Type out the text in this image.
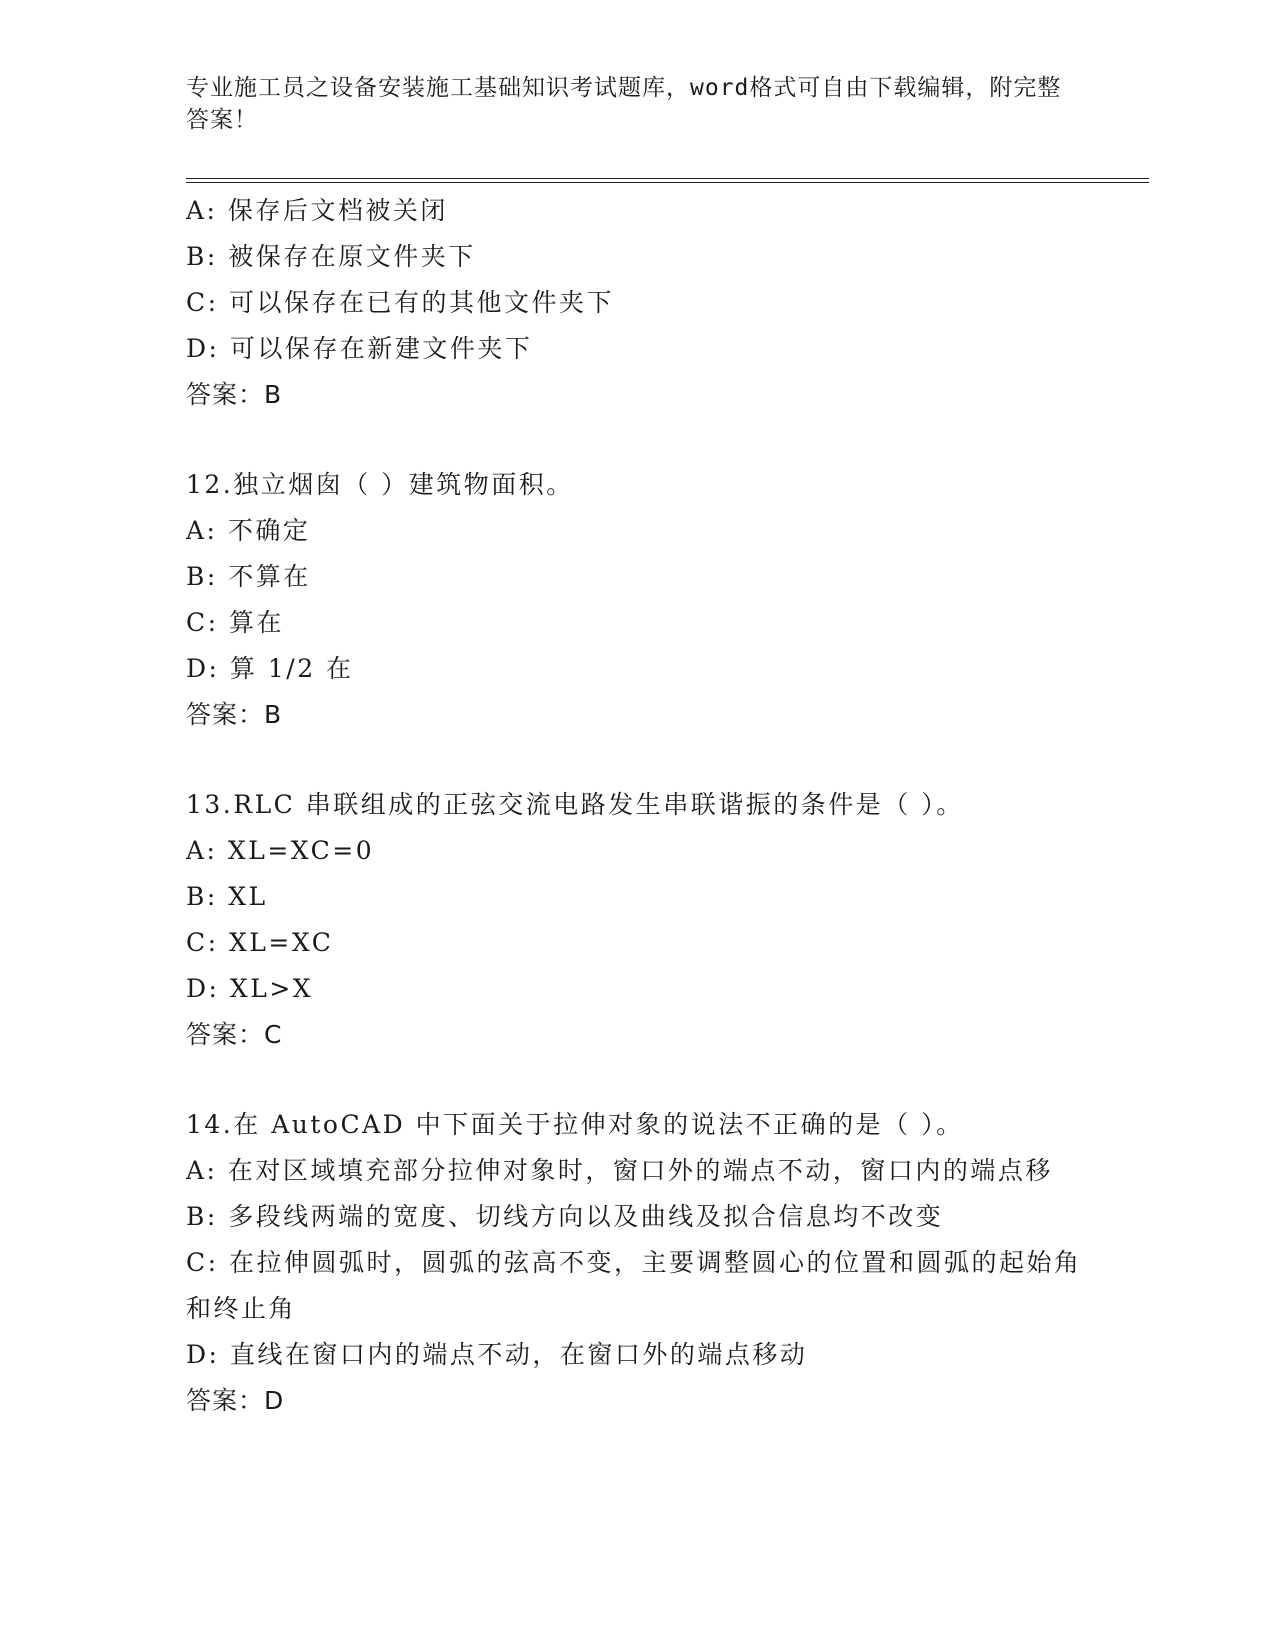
专业施工员之设备安装施工基础知识考试题库，word格式可自由下载编辑，附完整答案！
A: 保存后文档被关闭
B: 被保存在原文件夹下
C: 可以保存在已有的其他文件夹下
D: 可以保存在新建文件夹下
答案：B
12.独立烟囱（ ）建筑物面积。
A: 不确定
B: 不算在
C: 算在
D: 算 1/2 在
答案：B
13.RLC 串联组成的正弦交流电路发生串联谐振的条件是（ ）。
A: XL=XC=0
B: XL
C: XL=XC
D: XL>X
答案：C
14.在 AutoCAD 中下面关于拉伸对象的说法不正确的是（ ）。
A: 在对区域填充部分拉伸对象时，窗口外的端点不动，窗口内的端点移
B: 多段线两端的宽度、切线方向以及曲线及拟合信息均不改变
C: 在拉伸圆弧时，圆弧的弦高不变，主要调整圆心的位置和圆弧的起始角和终止角
D: 直线在窗口内的端点不动，在窗口外的端点移动
答案：D
